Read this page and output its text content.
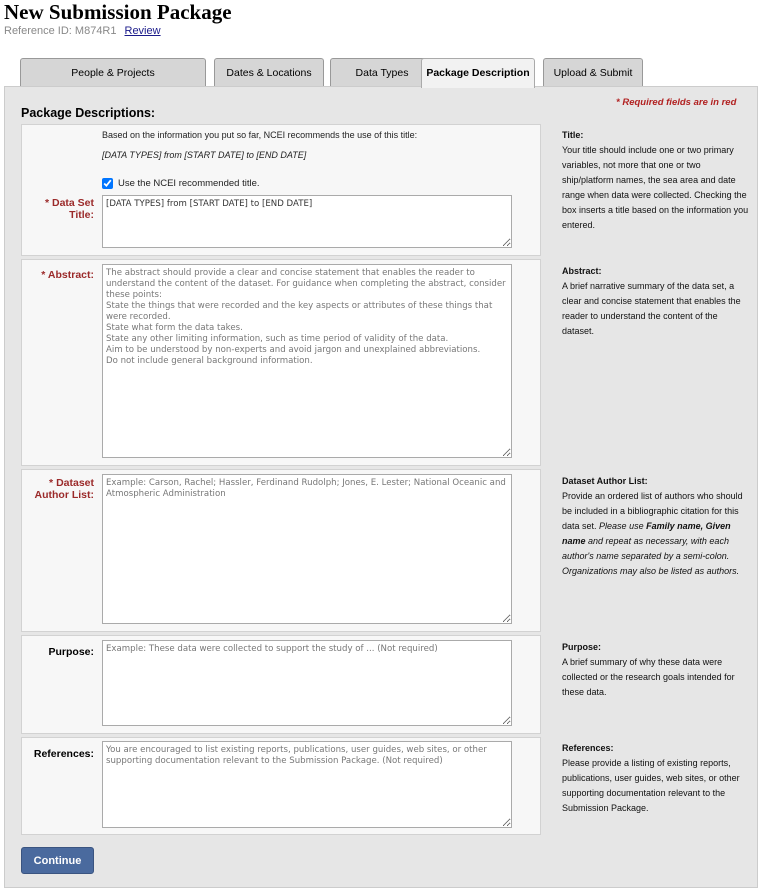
New Submission Package
Reference ID: M874R1 Review
People & Projects	Dates & Locations	Data Types	Package Description	Upload & Submit
* Required fields are in red
Package Descriptions:
Based on the information you put so far, NCEI recommends the use of this title:
[DATA TYPES] from [START DATE] to [END DATE]
Use the NCEI recommended title.
* Data Set Title:
[DATA TYPES] from [START DATE] to [END DATE]
* Abstract:	The abstract should provide a clear and concise statement that enables the reader to understand the content of the dataset. For guidance when completing the abstract, consider these points:
State the things that were recorded and the key aspects or attributes of these things that were recorded.
State what form the data takes.
State any other limiting information, such as time period of validity of the data.
Aim to be understood by non-experts and avoid jargon and unexplained abbreviations.
Do not include general background information.
* Dataset Author List:
Example: Carson, Rachel; Hassler, Ferdinand Rudolph; Jones, E. Lester; National Oceanic and Atmospheric Administration
Purpose:	Example: These data were collected to support the study of ... (Not required)
References:	You are encouraged to list existing reports, publications, user guides, web sites, or other supporting documentation relevant to the Submission Package. (Not required)
Title:
Your title should include one or two primary variables, not more that one or two ship/platform names, the sea area and date range when data were collected. Checking the box inserts a title based on the information you entered.
Abstract:
A brief narrative summary of the data set, a clear and concise statement that enables the reader to understand the content of the dataset.
Dataset Author List:
Provide an ordered list of authors who should be included in a bibliographic citation for this data set. Please use Family name, Given name and repeat as necessary, with each author's name separated by a semi-colon. Organizations may also be listed as authors.
Purpose:
A brief summary of why these data were collected or the research goals intended for these data.
References:
Please provide a listing of existing reports, publications, user guides, web sites, or other supporting documentation relevant to the Submission Package.
Continue
